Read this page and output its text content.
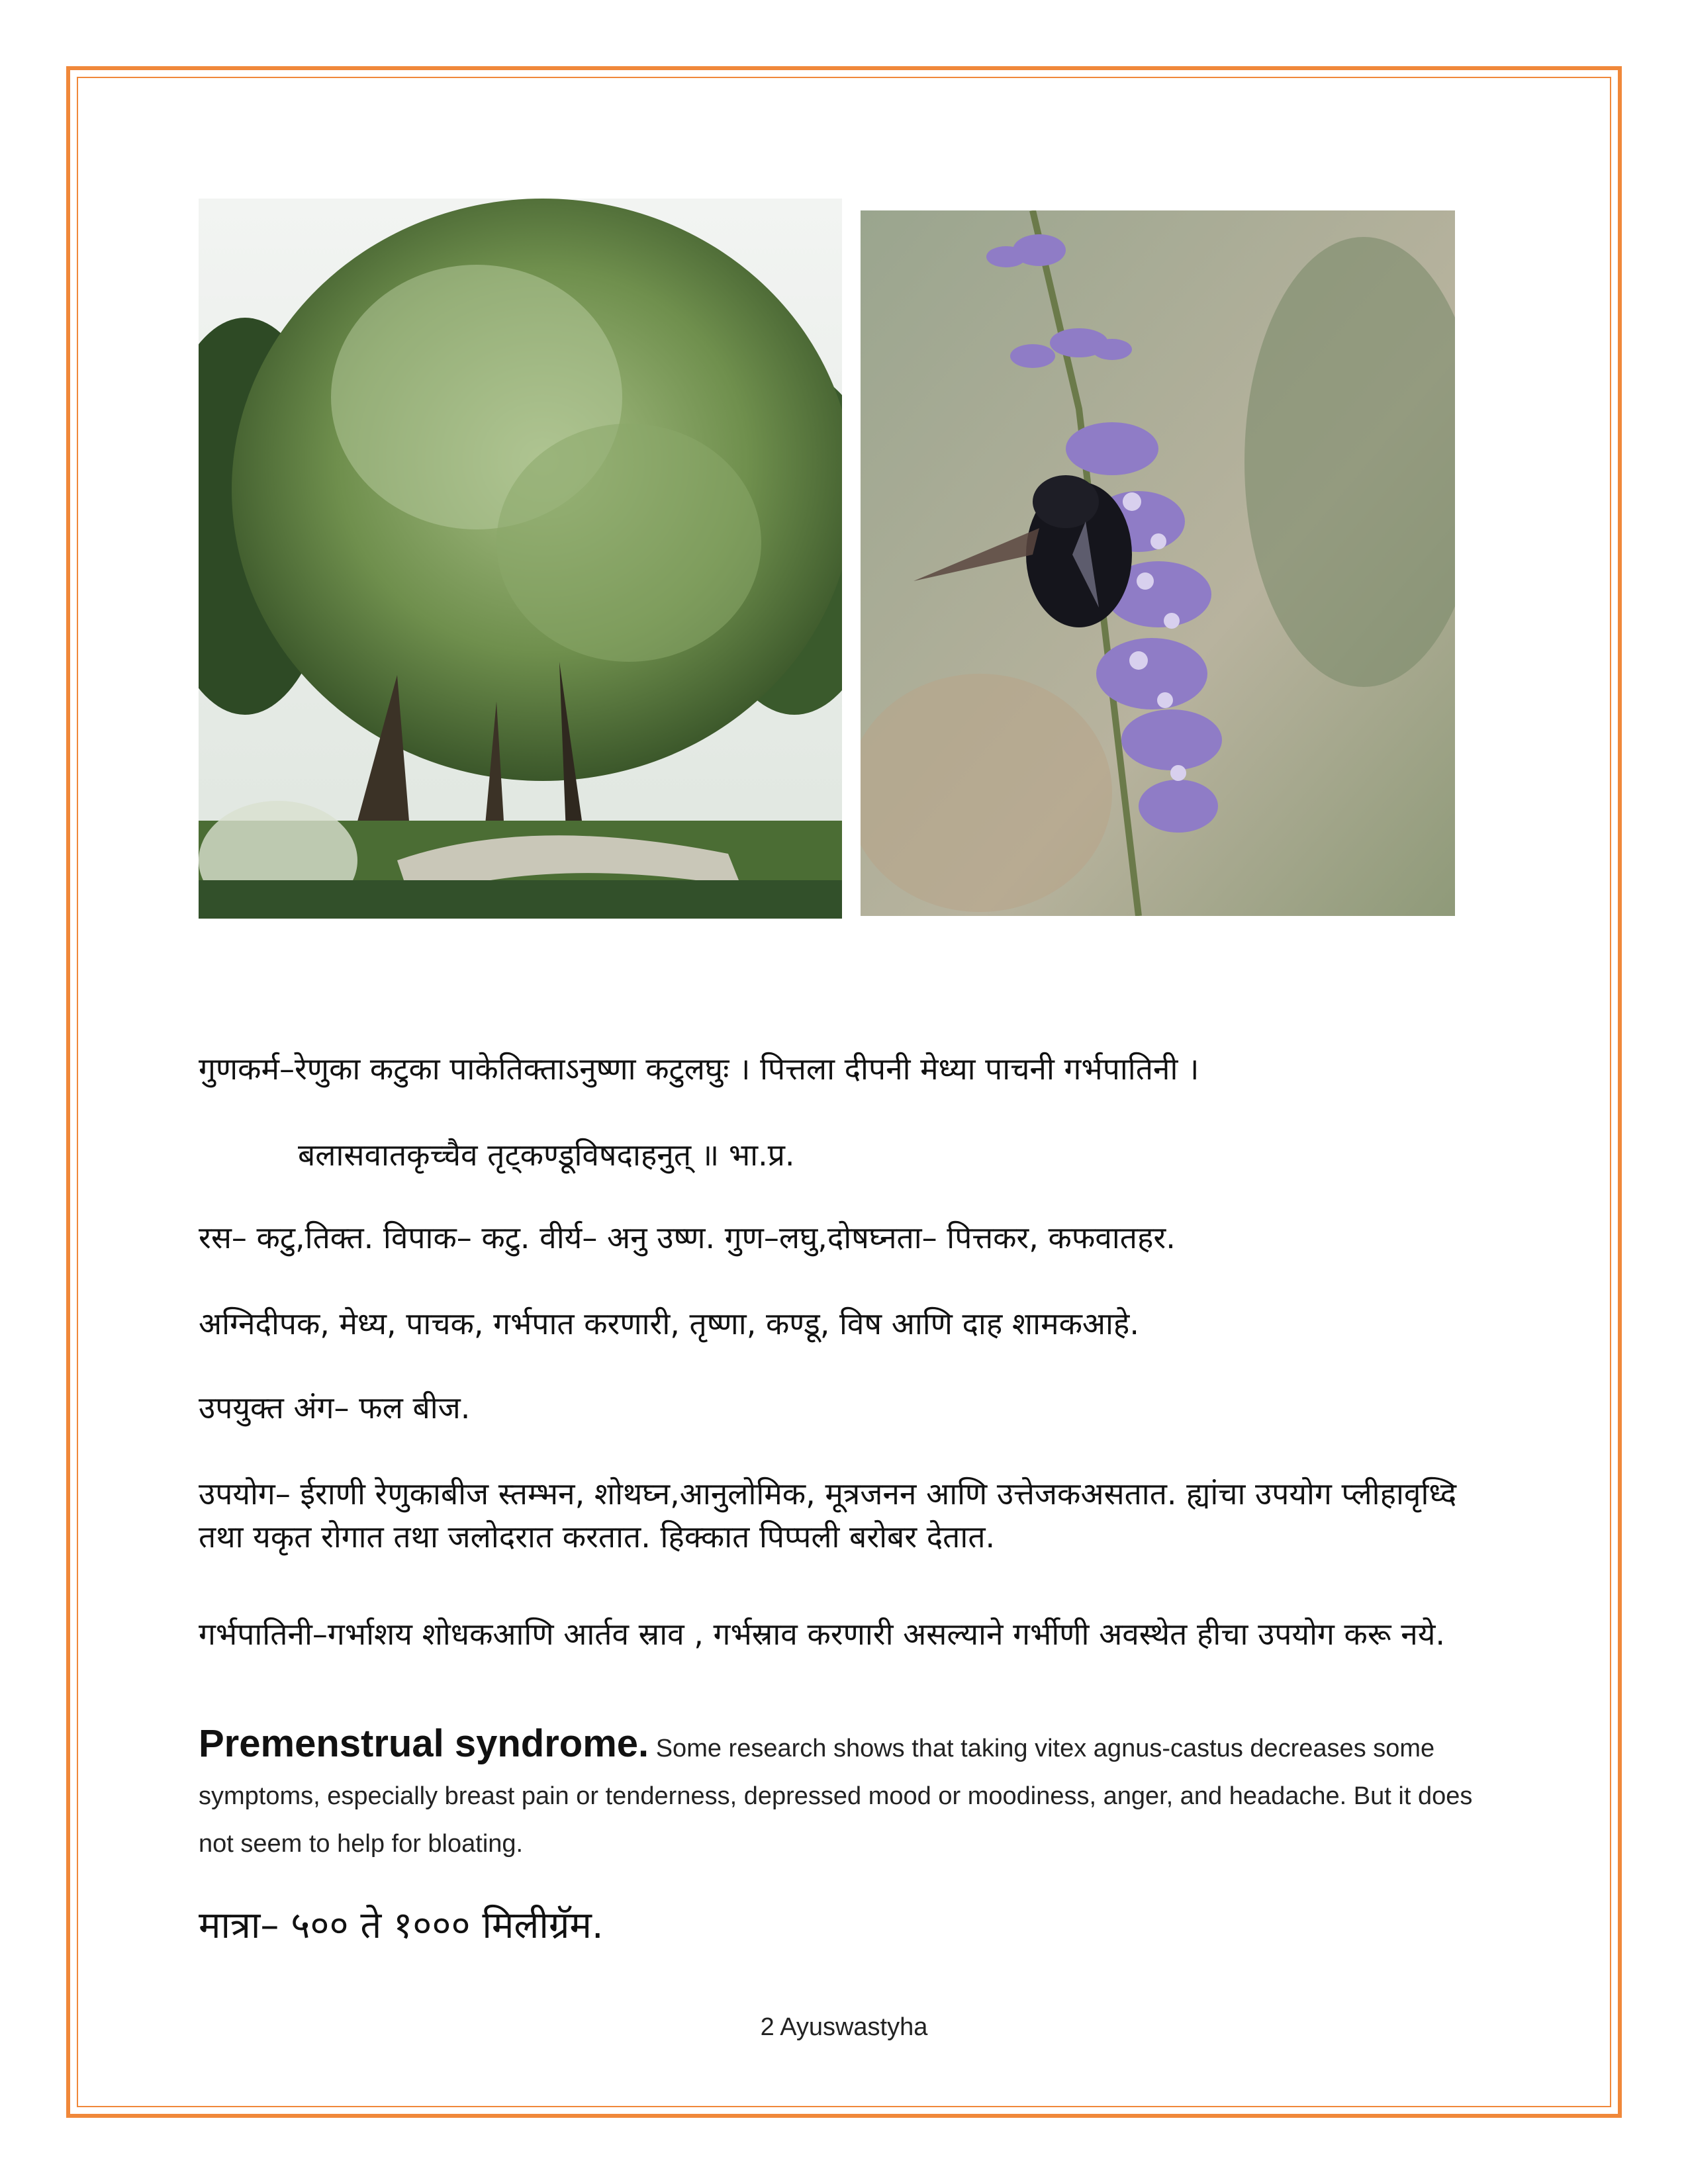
गुणकर्म–रेणुका कटुका पाकेतिक्ताऽनुष्णा कटुलघुः । पित्तला दीपनी मेध्या पाचनी गर्भपातिनी ।
बलासवातकृच्चैव तृट्कण्डूविषदाहनुत् ॥ भा.प्र.
रस– कटु,तिक्त. विपाक– कटु. वीर्य– अनु उष्ण. गुण–लघु,दोषघ्नता– पित्तकर, कफवातहर.
अग्निदीपक, मेध्य, पाचक, गर्भपात करणारी, तृष्णा, कण्डू, विष आणि दाह शामकआहे.
उपयुक्त अंग– फल बीज.
उपयोग– ईराणी रेणुकाबीज स्तम्भन, शोथघ्न,आनुलोमिक, मूत्रजनन आणि उत्तेजकअसतात. ह्यांचा उपयोग प्लीहावृध्दि तथा यकृत रोगात तथा जलोदरात करतात. हिक्कात पिप्पली बरोबर देतात.
गर्भपातिनी–गर्भाशय शोधकआणि आर्तव स्राव , गर्भस्राव करणारी असल्याने गर्भीणी अवस्थेत हीचा उपयोग करू नये.

Premenstrual syndrome. Some research shows that taking vitex agnus-castus decreases some symptoms, especially breast pain or tenderness, depressed mood or moodiness, anger, and headache. But it does not seem to help for bloating.

मात्रा– ५०० ते १००० मिलीग्रॅम.
2 Ayuswastyha
